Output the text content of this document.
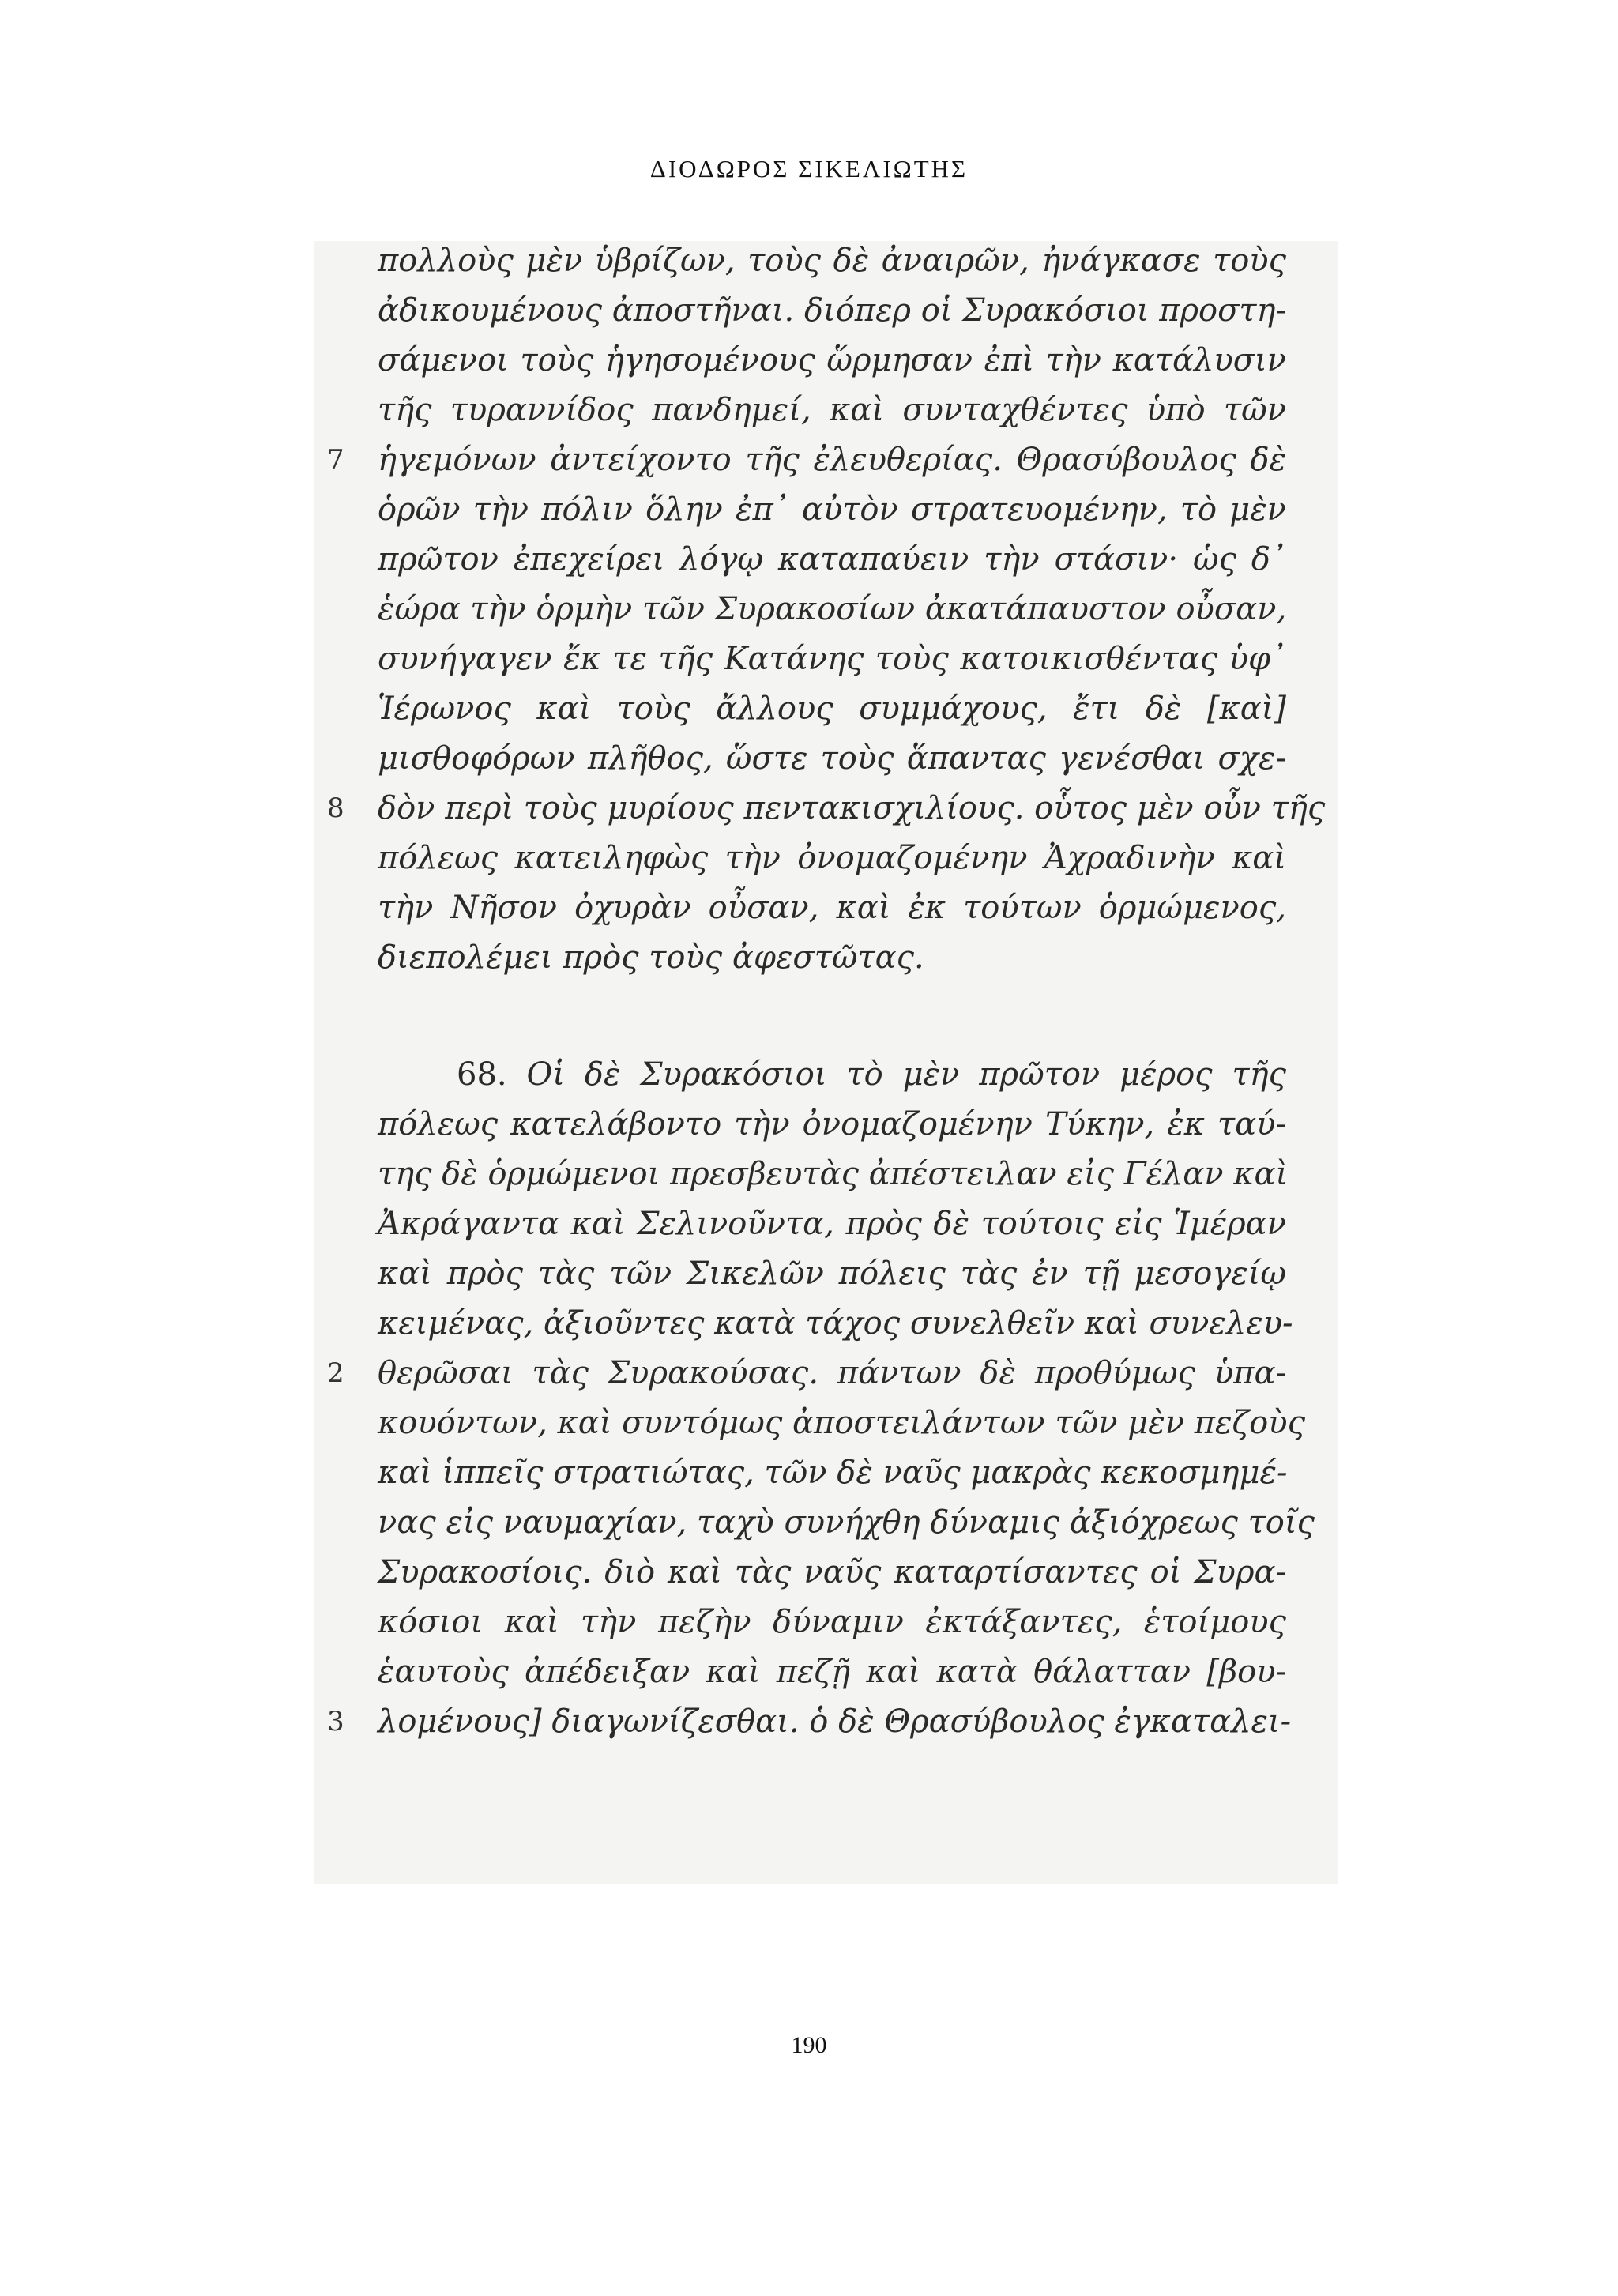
ΔΙΟΔΩΡΟΣ ΣΙΚΕΛΙΩΤΗΣ
πολλοὺς μὲν ὑβρίζων, τοὺς δὲ ἀναιρῶν, ἠνάγκασε τοὺς
ἀδικουμένους ἀποστῆναι. διόπερ οἱ Συρακόσιοι προστη-
σάμενοι τοὺς ἡγησομένους ὥρμησαν ἐπὶ τὴν κατάλυσιν
τῆς τυραννίδος πανδημεί, καὶ συνταχθέντες ὑπὸ τῶν
ἡγεμόνων ἀντείχοντο τῆς ἐλευθερίας. Θρασύβουλος δὲ
ὁρῶν τὴν πόλιν ὅλην ἐπ᾽ αὐτὸν στρατευομένην, τὸ μὲν
πρῶτον ἐπεχείρει λόγῳ καταπαύειν τὴν στάσιν· ὡς δ᾽
ἑώρα τὴν ὁρμὴν τῶν Συρακοσίων ἀκατάπαυστον οὖσαν,
συνήγαγεν ἔκ τε τῆς Κατάνης τοὺς κατοικισθέντας ὑφ᾽
Ἱέρωνος καὶ τοὺς ἄλλους συμμάχους, ἔτι δὲ [καὶ]
μισθοφόρων πλῆθος, ὥστε τοὺς ἅπαντας γενέσθαι σχε-
δὸν περὶ τοὺς μυρίους πεντακισχιλίους. οὗτος μὲν οὖν τῆς
πόλεως κατειληφὼς τὴν ὀνομαζομένην Ἀχραδινὴν καὶ
τὴν Νῆσον ὀχυρὰν οὖσαν, καὶ ἐκ τούτων ὁρμώμενος,
διεπολέμει πρὸς τοὺς ἀφεστῶτας.
68. Οἱ δὲ Συρακόσιοι τὸ μὲν πρῶτον μέρος τῆς
πόλεως κατελάβοντο τὴν ὀνομαζομένην Τύκην, ἐκ ταύ-
της δὲ ὁρμώμενοι πρεσβευτὰς ἀπέστειλαν εἰς Γέλαν καὶ
Ἀκράγαντα καὶ Σελινοῦντα, πρὸς δὲ τούτοις εἰς Ἱμέραν
καὶ πρὸς τὰς τῶν Σικελῶν πόλεις τὰς ἐν τῇ μεσογείῳ
κειμένας, ἀξιοῦντες κατὰ τάχος συνελθεῖν καὶ συνελευ-
θερῶσαι τὰς Συρακούσας. πάντων δὲ προθύμως ὑπα-
κουόντων, καὶ συντόμως ἀποστειλάντων τῶν μὲν πεζοὺς
καὶ ἱππεῖς στρατιώτας, τῶν δὲ ναῦς μακρὰς κεκοσμημέ-
νας εἰς ναυμαχίαν, ταχὺ συνήχθη δύναμις ἀξιόχρεως τοῖς
Συρακοσίοις. διὸ καὶ τὰς ναῦς καταρτίσαντες οἱ Συρα-
κόσιοι καὶ τὴν πεζὴν δύναμιν ἐκτάξαντες, ἑτοίμους
ἑαυτοὺς ἀπέδειξαν καὶ πεζῇ καὶ κατὰ θάλατταν [βου-
λομένους] διαγωνίζεσθαι. ὁ δὲ Θρασύβουλος ἐγκαταλει-
7
8
2
3
190
